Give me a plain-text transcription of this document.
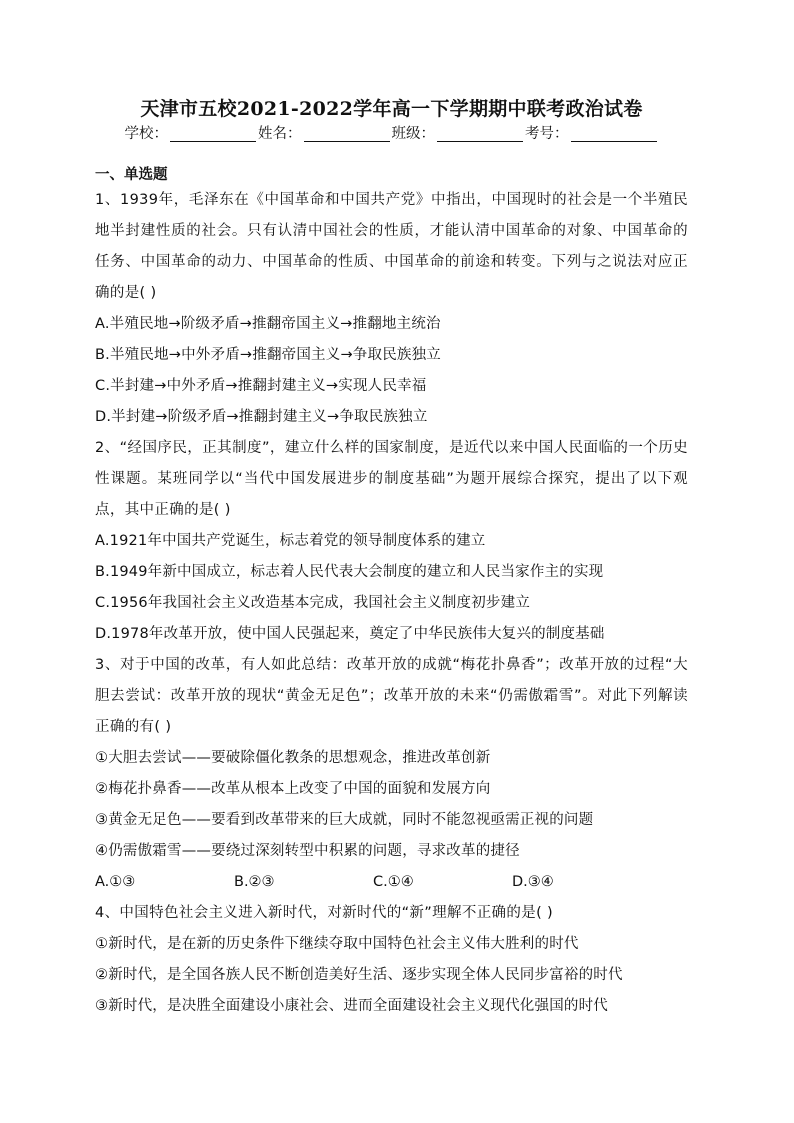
天津市五校2021-2022学年高一下学期期中联考政治试卷
学校：	姓名：	班级：	考号：
一、单选题
1、1939年，毛泽东在《中国革命和中国共产党》中指出，中国现时的社会是一个半殖民地半封建性质的社会。只有认清中国社会的性质，才能认清中国革命的对象、中国革命的任务、中国革命的动力、中国革命的性质、中国革命的前途和转变。下列与之说法对应正确的是( )
A.半殖民地→阶级矛盾→推翻帝国主义→推翻地主统治
B.半殖民地→中外矛盾→推翻帝国主义→争取民族独立
C.半封建→中外矛盾→推翻封建主义→实现人民幸福
D.半封建→阶级矛盾→推翻封建主义→争取民族独立
2、“经国序民，正其制度”，建立什么样的国家制度，是近代以来中国人民面临的一个历史性课题。某班同学以“当代中国发展进步的制度基础”为题开展综合探究，提出了以下观点，其中正确的是( )
A.1921年中国共产党诞生，标志着党的领导制度体系的建立
B.1949年新中国成立，标志着人民代表大会制度的建立和人民当家作主的实现
C.1956年我国社会主义改造基本完成，我国社会主义制度初步建立
D.1978年改革开放，使中国人民强起来，奠定了中华民族伟大复兴的制度基础
3、对于中国的改革，有人如此总结：改革开放的成就“梅花扑鼻香”；改革开放的过程“大胆去尝试：改革开放的现状“黄金无足色”；改革开放的未来“仍需傲霜雪”。对此下列解读正确的有( )
①大胆去尝试——要破除僵化教条的思想观念，推进改革创新
②梅花扑鼻香——改革从根本上改变了中国的面貌和发展方向
③黄金无足色——要看到改革带来的巨大成就，同时不能忽视亟需正视的问题
④仍需傲霜雪——要绕过深刻转型中积累的问题，寻求改革的捷径
A.①③	B.②③	C.①④	D.③④
4、中国特色社会主义进入新时代，对新时代的“新”理解不正确的是( )
①新时代，是在新的历史条件下继续夺取中国特色社会主义伟大胜利的时代
②新时代，是全国各族人民不断创造美好生活、逐步实现全体人民同步富裕的时代
③新时代，是决胜全面建设小康社会、进而全面建设社会主义现代化强国的时代
